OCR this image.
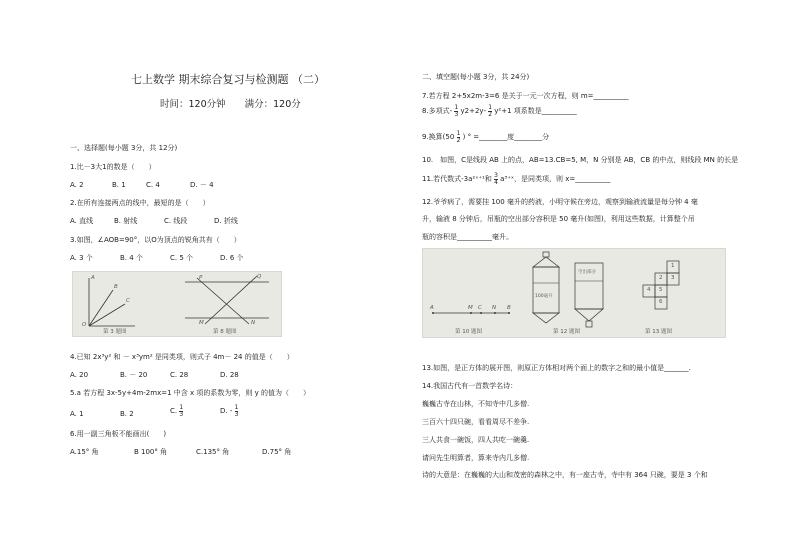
七上数学 期末综合复习与检测题 （二）
时间：120分钟　　满分：120分
一、选择题(每小题 3分，共 12分)
1.比－3大1的数是（　　）
A. 2	B. 1	C. 4	D. － 4
2.在所有连接两点的线中，最短的是（　　）
A. 直线	B. 射线	C. 线段	D. 折线
3.如图，∠AOB=90°，以O为顶点的锐角共有（　　）
A. 3 个	B. 4 个	C. 5 个	D. 6 个
A
B
C
O
P	Q
M	N
第 3 题图	第 8 题图
4.已知 2x³y² 和 － x³ym² 是同类项，则式子 4m－ 24 的值是（　　）
A. 20	B. － 20	C. 28	D. 28
5.a 若方程 3x-5y+4m-2mx=1 中含 x 项的系数为零，则 y 的值为（　　）
A. 1	B. 2	C. $\frac{1}{3}$	D. - $\frac{1}{3}$
6.用一副三角板不能画出(　　)
A.15° 角	B 100° 角	C.135° 角	D.75° 角
二、填空题(每小题 3分，共 24分)
7.若方程 2+5x2m-3=6 是关于一元一次方程，则 m=__________
8.多项式- $\frac{1}{3} y2+2y- \frac{1}{2} y^2+1$ 项系数是__________
9.换算($50 \frac{1}{2}$ ) ° =________度________分
10.　如图，C是线段 AB 上的点，AB=13.CB=5, M，N 分别是 AB，CB 的中点，则线段 MN 的长是
11.若代数式-3a²ˣ⁺¹和 $\frac{3}{4}$ a³⁺ˣ，是同类项，则 x=__________
12.爷爷病了，需要挂 100 毫升的药液，小明守候在旁边，观察到输液流量是每分钟 4 毫
升，输液 8 分钟后，吊瓶的空出部分容积是 50 毫升(如图)，利用这些数据，计算整个吊
瓶的容积是__________毫升。
A	M C N B
100毫升
空出部分
1
2 3
4 5
6
第 10 题图	第 12 题图	第 13 题图
13.如图，是正方体的展开图，则原正方体相对两个面上的数字之和的最小值是_______.
14.我国古代有一首数学名诗：
巍巍古寺在山林，不知寺中几多僧.
三百六十四只碗，看看周尽不差争.
三人共食一碗饭，四人共吃一碗羹.
请问先生明算者，算来寺内几多僧.
诗的大意是：在巍巍的大山和茂密的森林之中，有一座古寺，寺中有 364 只碗，要是 3 个和
